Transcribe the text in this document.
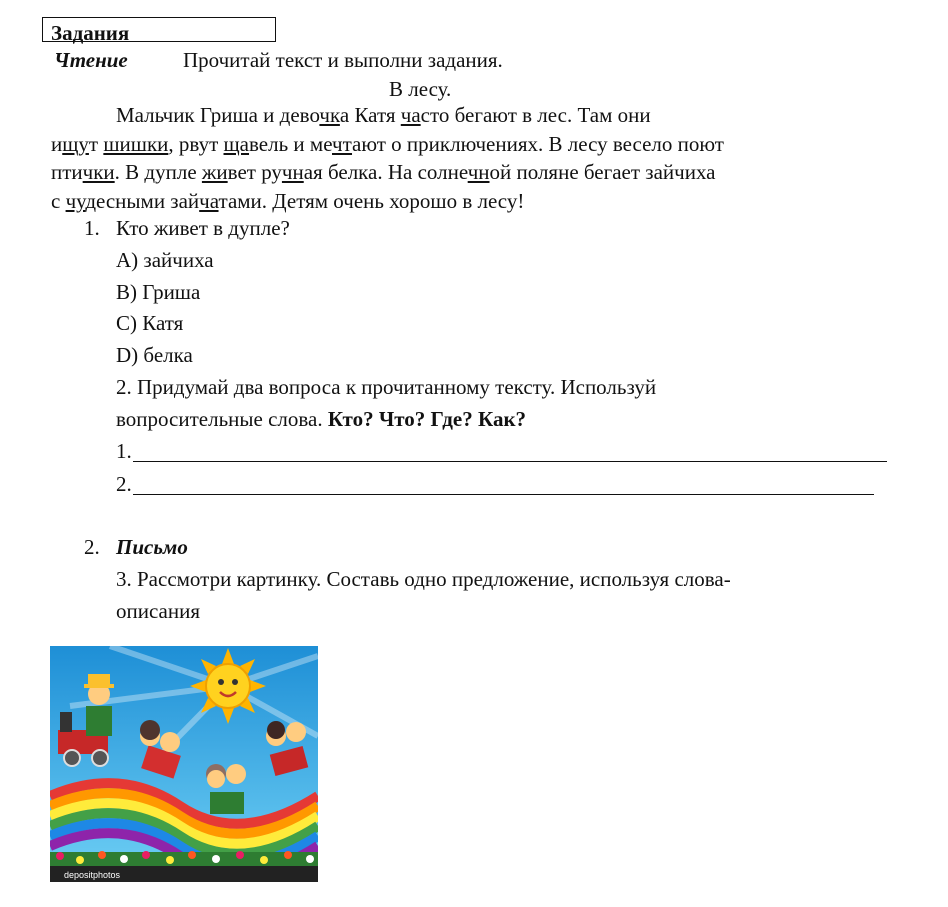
Задания
Чтение	Прочитай текст и выполни задания.
В лесу.
Мальчик Гриша и девочка Катя часто бегают в лес. Там они
ищут шишки, рвут щавель и мечтают о приключениях. В лесу весело поют
птички. В дупле живет ручная белка. На солнечной поляне бегает зайчиха
с чудесными зайчатами. Детям очень хорошо в лесу!
1. Кто живет в дупле?
A) зайчиха
B) Гриша
C) Катя
D) белка
2. Придумай два вопроса к прочитанному тексту. Используй
вопросительные слова. Кто? Что? Где? Как?
1.
2.
2. Письмо
3. Рассмотри картинку. Составь одно предложение, используя слова-
описания
depositphotos
